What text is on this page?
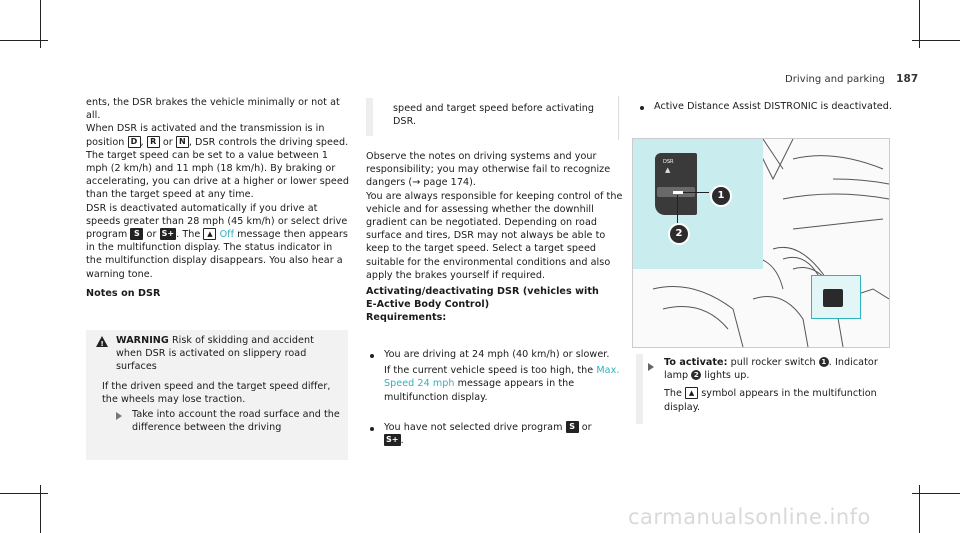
Driving and parking 187

ents, the DSR brakes the vehicle minimally or not at all.

When DSR is activated and the transmission is in position D , R or N , DSR controls the driving speed. The target speed can be set to a value between 1 mph (2 km/h) and 11 mph (18 km/h). By braking or accelerating, you can drive at a higher or lower speed than the target speed at any time.

DSR is deactivated automatically if you drive at speeds greater than 28 mph (45 km/h) or select drive program S or S+ . The ▲ Off message then appears in the multifunction display. The status indicator in the multifunction display disappears. You also hear a warning tone.

Notes on DSR

! WARNING Risk of skidding and accident
when DSR is activated on slippery road
surfaces
If the driven speed and the target speed differ, the wheels may lose traction.
Take into account the road surface and the difference between the driving
speed and target speed before activating DSR.

Observe the notes on driving systems and your responsibility; you may otherwise fail to recognize dangers (→ page 174).

You are always responsible for keeping control of the vehicle and for assessing whether the downhill gradient can be negotiated. Depending on road surface and tires, DSR may not always be able to keep to the target speed. Select a target speed suitable for the environmental conditions and also apply the brakes yourself if required.

Activating/deactivating DSR (vehicles with
E-Active Body Control)

Requirements:

You are driving at 24 mph (40 km/h) or slower.
If the current vehicle speed is too high, the Max. Speed 24 mph message appears in the multifunction display.
You have not selected drive program S or
S+ .
Active Distance Assist DISTRONIC is deactivated.
DSR
▲
1
2
To activate: pull rocker switch 1 . Indicator lamp 2 lights up.
The ▲ symbol appears in the multifunction display.
carmanualsonline.info
